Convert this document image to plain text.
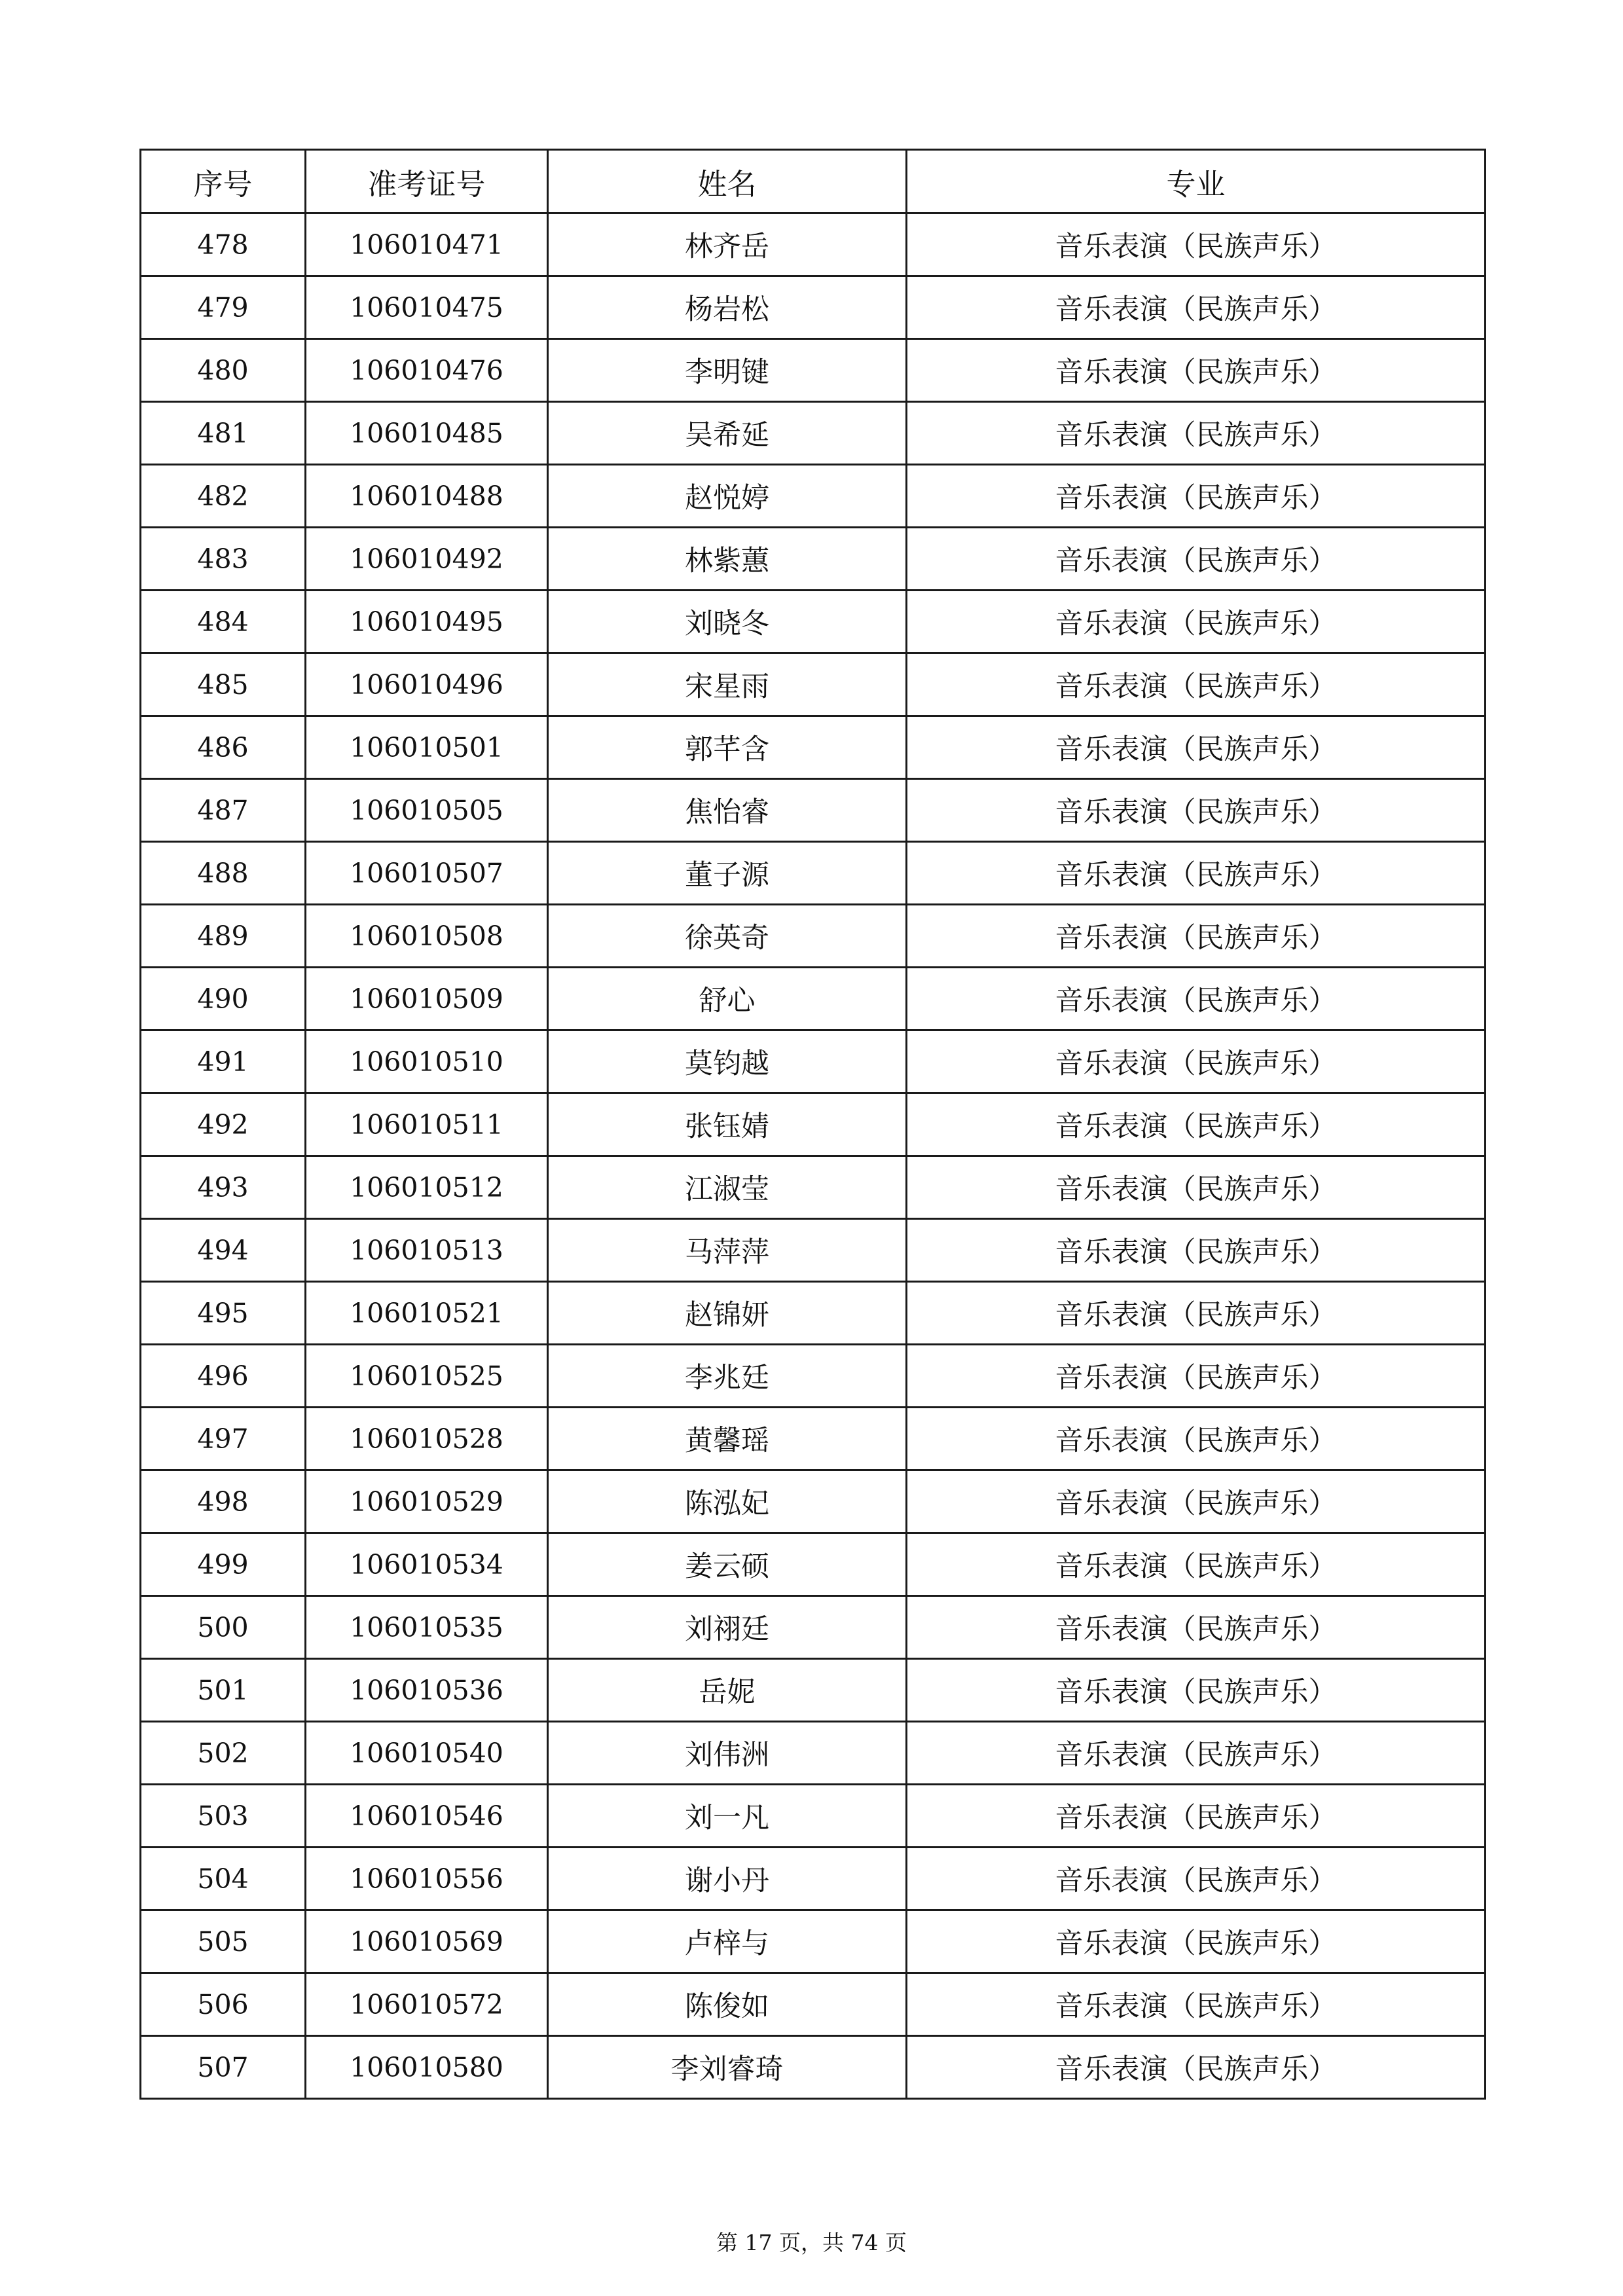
序号	准考证号	姓名	专业
478	106010471	林齐岳	音乐表演（民族声乐）
479	106010475	杨岩松	音乐表演（民族声乐）
480	106010476	李明键	音乐表演（民族声乐）
481	106010485	吴希延	音乐表演（民族声乐）
482	106010488	赵悦婷	音乐表演（民族声乐）
483	106010492	林紫蕙	音乐表演（民族声乐）
484	106010495	刘晓冬	音乐表演（民族声乐）
485	106010496	宋星雨	音乐表演（民族声乐）
486	106010501	郭芊含	音乐表演（民族声乐）
487	106010505	焦怡睿	音乐表演（民族声乐）
488	106010507	董子源	音乐表演（民族声乐）
489	106010508	徐英奇	音乐表演（民族声乐）
490	106010509	舒心	音乐表演（民族声乐）
491	106010510	莫钧越	音乐表演（民族声乐）
492	106010511	张钰婧	音乐表演（民族声乐）
493	106010512	江淑莹	音乐表演（民族声乐）
494	106010513	马萍萍	音乐表演（民族声乐）
495	106010521	赵锦妍	音乐表演（民族声乐）
496	106010525	李兆廷	音乐表演（民族声乐）
497	106010528	黄馨瑶	音乐表演（民族声乐）
498	106010529	陈泓妃	音乐表演（民族声乐）
499	106010534	姜云硕	音乐表演（民族声乐）
500	106010535	刘祤廷	音乐表演（民族声乐）
501	106010536	岳妮	音乐表演（民族声乐）
502	106010540	刘伟洲	音乐表演（民族声乐）
503	106010546	刘一凡	音乐表演（民族声乐）
504	106010556	谢小丹	音乐表演（民族声乐）
505	106010569	卢梓与	音乐表演（民族声乐）
506	106010572	陈俊如	音乐表演（民族声乐）
507	106010580	李刘睿琦	音乐表演（民族声乐）
第 17 页，共 74 页
